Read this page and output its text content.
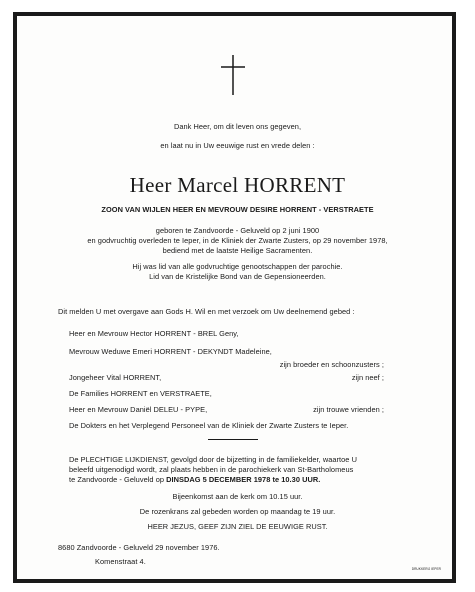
Dank Heer, om dit leven ons gegeven,
en laat nu in Uw eeuwige rust en vrede delen :
Heer Marcel HORRENT
ZOON VAN WIJLEN HEER EN MEVROUW DESIRE HORRENT - VERSTRAETE
geboren te Zandvoorde - Geluveld op 2 juni 1900
en godvruchtig overleden te Ieper, in de Kliniek der Zwarte Zusters, op 29 november 1978,
bediend met de laatste Heilige Sacramenten.
Hij was lid van alle godvruchtige genootschappen der parochie.
Lid van de Kristelijke Bond van de Gepensioneerden.
Dit melden U met overgave aan Gods H. Wil en met verzoek om Uw deelnemend gebed :
Heer en Mevrouw Hector HORRENT - BREL Geny,
Mevrouw Weduwe Emeri HORRENT - DEKYNDT Madeleine,
zijn broeder en schoonzusters ;
Jongeheer Vital HORRENT,	zijn neef ;
De Families HORRENT en VERSTRAETE,
Heer en Mevrouw Daniël DELEU - PYPE,	zijn trouwe vrienden ;
De Dokters en het Verplegend Personeel van de Kliniek der Zwarte Zusters te Ieper.
De PLECHTIGE LIJKDIENST, gevolgd door de bijzetting in de familiekelder, waartoe U
beleefd uitgenodigd wordt, zal plaats hebben in de parochiekerk van St-Bartholomeus
te Zandvoorde - Geluveld op DINSDAG 5 DECEMBER 1978 te 10.30 UUR.
Bijeenkomst aan de kerk om 10.15 uur.
De rozenkrans zal gebeden worden op maandag te 19 uur.
HEER JEZUS, GEEF ZIJN ZIEL DE EEUWIGE RUST.
8680 Zandvoorde - Geluveld 29 november 1976.
Komenstraat 4.
DRUKKERIJ IEPER
